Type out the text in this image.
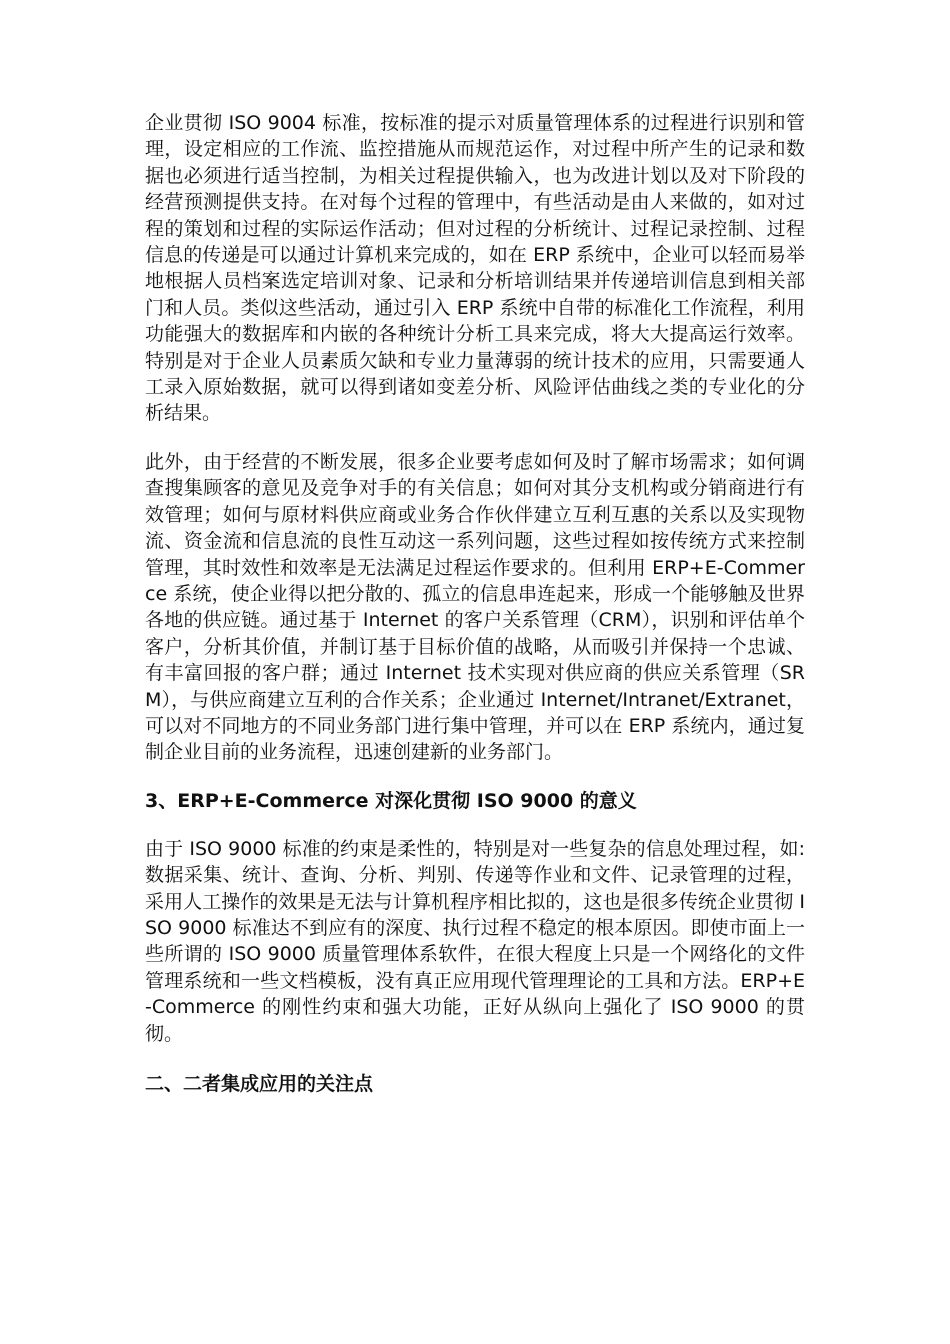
企业贯彻 ISO 9004 标准，按标准的提示对质量管理体系的过程进行识别和管理，设定相应的工作流、监控措施从而规范运作，对过程中所产生的记录和数据也必须进行适当控制，为相关过程提供输入，也为改进计划以及对下阶段的经营预测提供支持。在对每个过程的管理中，有些活动是由人来做的，如对过程的策划和过程的实际运作活动；但对过程的分析统计、过程记录控制、过程信息的传递是可以通过计算机来完成的，如在 ERP 系统中，企业可以轻而易举地根据人员档案选定培训对象、记录和分析培训结果并传递培训信息到相关部门和人员。类似这些活动，通过引入 ERP 系统中自带的标准化工作流程，利用功能强大的数据库和内嵌的各种统计分析工具来完成，将大大提高运行效率。特别是对于企业人员素质欠缺和专业力量薄弱的统计技术的应用，只需要通人工录入原始数据，就可以得到诸如变差分析、风险评估曲线之类的专业化的分析结果。

此外，由于经营的不断发展，很多企业要考虑如何及时了解市场需求；如何调查搜集顾客的意见及竞争对手的有关信息；如何对其分支机构或分销商进行有效管理；如何与原材料供应商或业务合作伙伴建立互利互惠的关系以及实现物流、资金流和信息流的良性互动这一系列问题，这些过程如按传统方式来控制管理，其时效性和效率是无法满足过程运作要求的。但利用 ERP+E-Commerce 系统，使企业得以把分散的、孤立的信息串连起来，形成一个能够触及世界各地的供应链。通过基于 Internet 的客户关系管理（CRM），识别和评估单个客户，分析其价值，并制订基于目标价值的战略，从而吸引并保持一个忠诚、有丰富回报的客户群；通过 Internet 技术实现对供应商的供应关系管理（SRM），与供应商建立互利的合作关系；企业通过 Internet/Intranet/Extranet，可以对不同地方的不同业务部门进行集中管理，并可以在 ERP 系统内，通过复制企业目前的业务流程，迅速创建新的业务部门。

3、ERP+E-Commerce 对深化贯彻 ISO 9000 的意义

由于 ISO 9000 标准的约束是柔性的，特别是对一些复杂的信息处理过程，如:数据采集、统计、查询、分析、判别、传递等作业和文件、记录管理的过程，采用人工操作的效果是无法与计算机程序相比拟的，这也是很多传统企业贯彻 ISO 9000 标准达不到应有的深度、执行过程不稳定的根本原因。即使市面上一些所谓的 ISO 9000 质量管理体系软件，在很大程度上只是一个网络化的文件管理系统和一些文档模板，没有真正应用现代管理理论的工具和方法。ERP+E-Commerce 的刚性约束和强大功能，正好从纵向上强化了 ISO 9000 的贯彻。

二、二者集成应用的关注点
